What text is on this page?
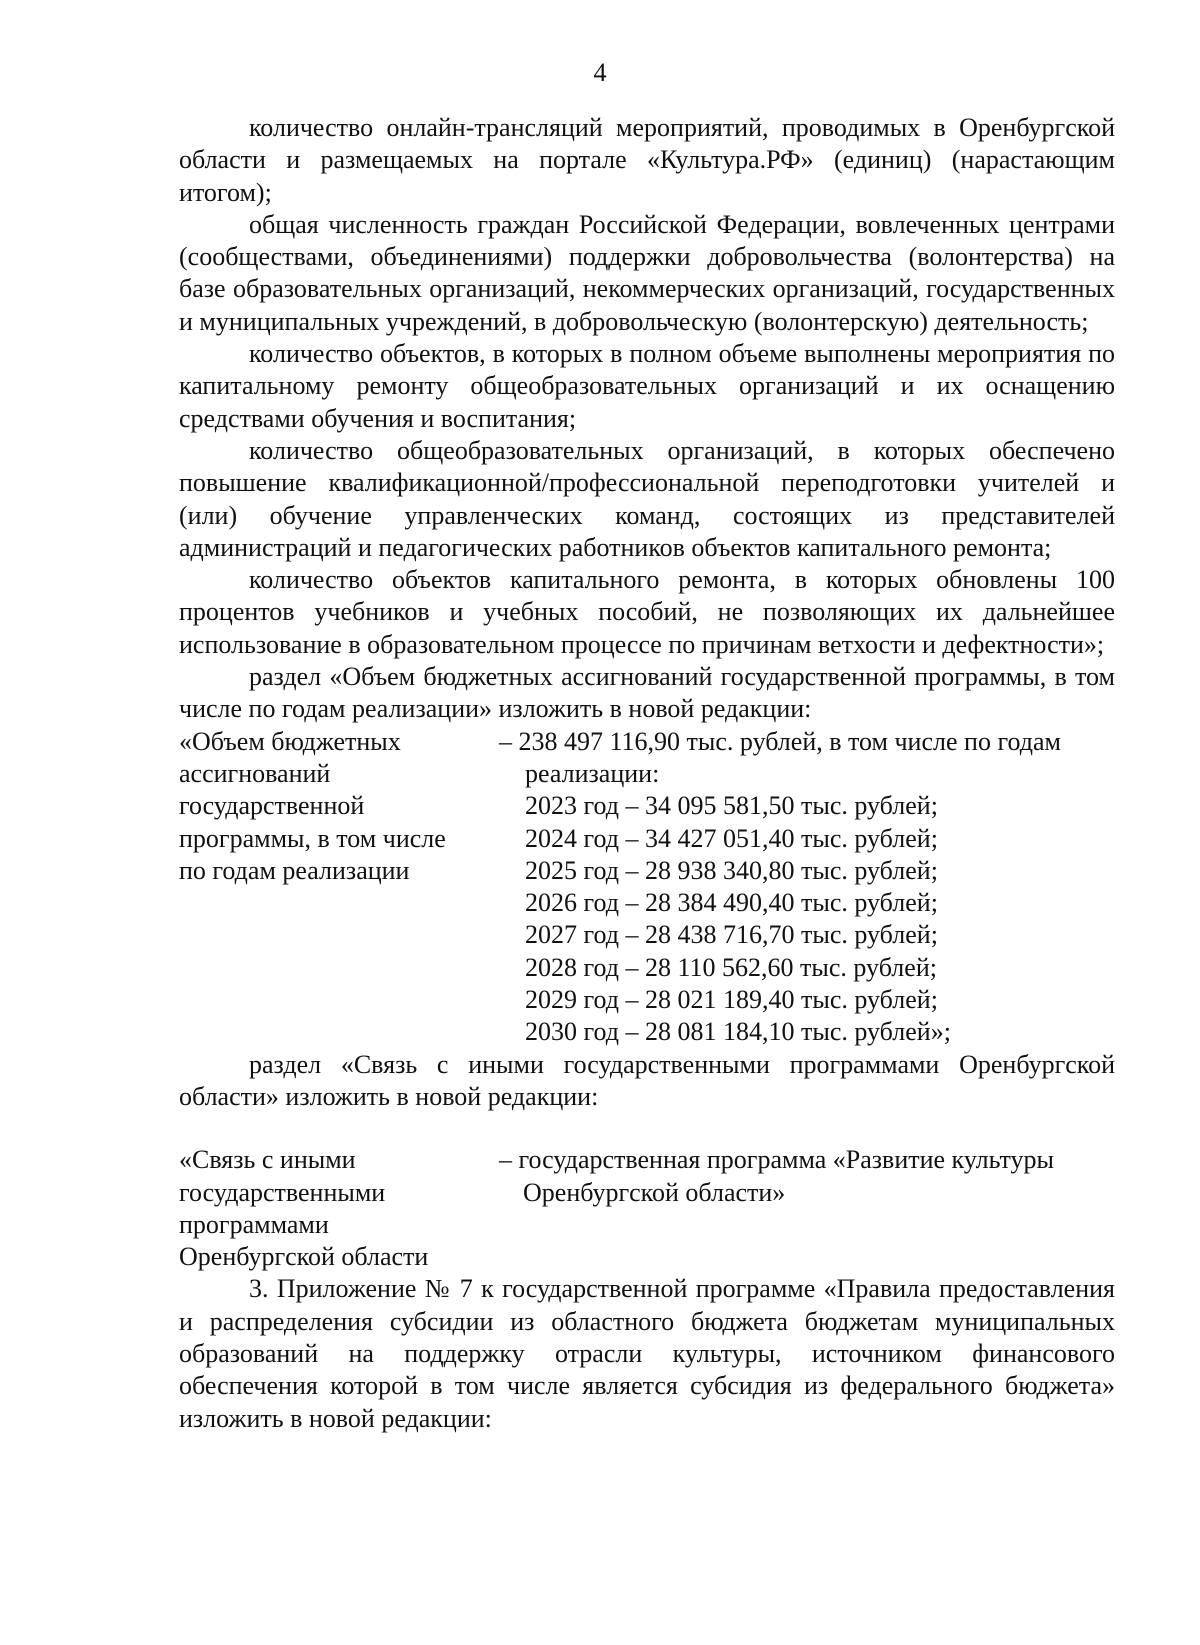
4

количество онлайн-трансляций мероприятий, проводимых в Оренбургской области и размещаемых на портале «Культура.РФ» (единиц) (нарастающим итогом);

общая численность граждан Российской Федерации, вовлеченных центрами (сообществами, объединениями) поддержки добровольчества (волонтерства) на базе образовательных организаций, некоммерческих организаций, государственных и муниципальных учреждений, в добровольческую (волонтерскую) деятельность;

количество объектов, в которых в полном объеме выполнены мероприятия по капитальному ремонту общеобразовательных организаций и их оснащению средствами обучения и воспитания;

количество общеобразовательных организаций, в которых обеспечено повышение квалификационной/профессиональной переподготовки учителей и (или) обучение управленческих команд, состоящих из представителей администраций и педагогических работников объектов капитального ремонта;

количество объектов капитального ремонта, в которых обновлены 100 процентов учебников и учебных пособий, не позволяющих их дальнейшее использование в образовательном процессе по причинам ветхости и дефектности»;

раздел «Объем бюджетных ассигнований государственной программы, в том числе по годам реализации» изложить в новой редакции:

«Объем бюджетных
ассигнований
государственной
программы, в том числе
по годам реализации
– 238 497 116,90 тыс. рублей, в том числе по годам
реализации:
2023 год – 34 095 581,50 тыс. рублей;
2024 год – 34 427 051,40 тыс. рублей;
2025 год – 28 938 340,80 тыс. рублей;
2026 год – 28 384 490,40 тыс. рублей;
2027 год – 28 438 716,70 тыс. рублей;
2028 год – 28 110 562,60 тыс. рублей;
2029 год – 28 021 189,40 тыс. рублей;
2030 год – 28 081 184,10 тыс. рублей»;

раздел «Связь с иными государственными программами Оренбургской области» изложить в новой редакции:

«Связь с иными
государственными
программами
Оренбургской области
– государственная программа «Развитие культуры
Оренбургской области»

3. Приложение № 7 к государственной программе «Правила предоставления и распределения субсидии из областного бюджета бюджетам муниципальных образований на поддержку отрасли культуры, источником финансового обеспечения которой в том числе является субсидия из федерального бюджета» изложить в новой редакции:
